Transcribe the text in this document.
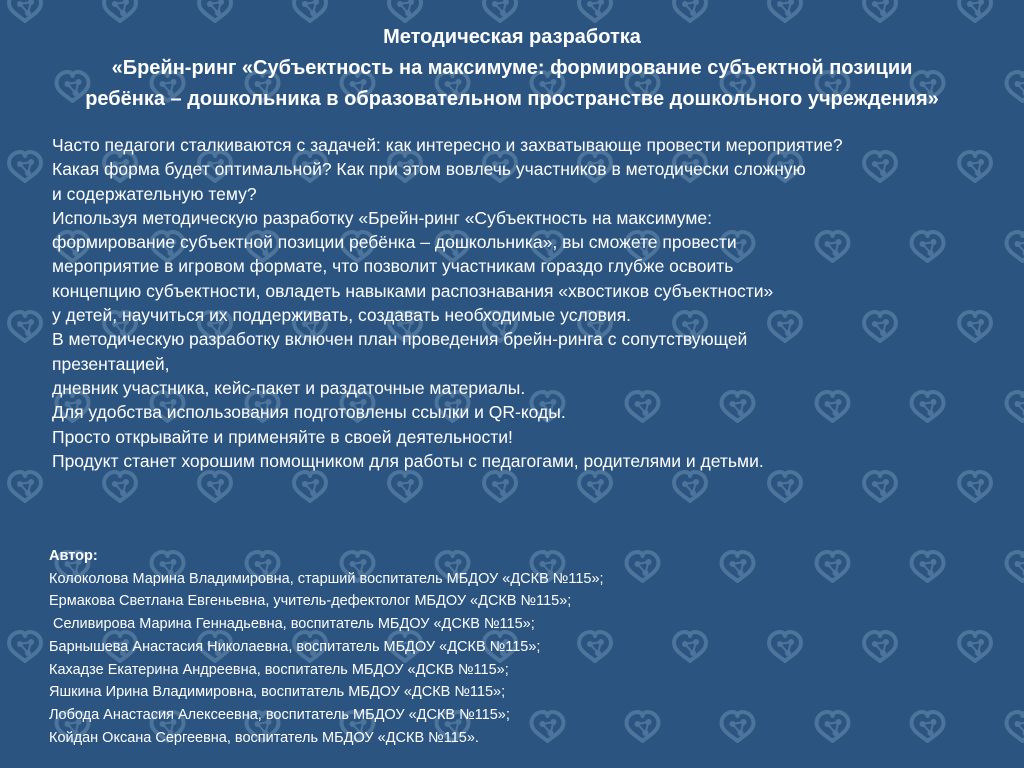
Методическая разработка
«Брейн-ринг «Субъектность на максимуме: формирование субъектной позиции
ребёнка – дошкольника в образовательном пространстве дошкольного учреждения»
Часто педагоги сталкиваются с задачей: как интересно и захватывающе провести мероприятие?
Какая форма будет оптимальной? Как при этом вовлечь участников в методически сложную
и содержательную тему?
Используя методическую разработку «Брейн-ринг «Субъектность на максимуме:
формирование субъектной позиции ребёнка – дошкольника», вы сможете провести
мероприятие в игровом формате, что позволит участникам гораздо глубже освоить
концепцию субъектности, овладеть навыками распознавания «хвостиков субъектности»
у детей, научиться их поддерживать, создавать необходимые условия.
В методическую разработку включен план проведения брейн-ринга с сопутствующей
презентацией,
дневник участника, кейс-пакет и раздаточные материалы.
Для удобства использования подготовлены ссылки и QR-коды.
Просто открывайте и применяйте в своей деятельности!
Продукт станет хорошим помощником для работы с педагогами, родителями и детьми.
Автор:
Колоколова Марина Владимировна, старший воспитатель МБДОУ «ДСКВ №115»;
Ермакова Светлана Евгеньевна, учитель-дефектолог МБДОУ «ДСКВ №115»;
Селивирова Марина Геннадьевна, воспитатель МБДОУ «ДСКВ №115»;
Барнышева Анастасия Николаевна, воспитатель МБДОУ «ДСКВ №115»;
Кахадзе Екатерина Андреевна, воспитатель МБДОУ «ДСКВ №115»;
Яшкина Ирина Владимировна, воспитатель МБДОУ «ДСКВ №115»;
Лобода Анастасия Алексеевна, воспитатель МБДОУ «ДСКВ №115»;
Койдан Оксана Сергеевна, воспитатель МБДОУ «ДСКВ №115».
